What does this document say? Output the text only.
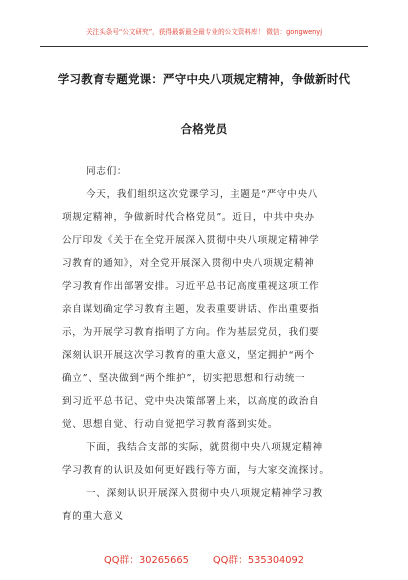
关注头条号“公文研究”，获得最新最全最专业的公文资料库！ 微信：gongwenyj
学习教育专题党课：严守中央八项规定精神，争做新时代
合格党员
同志们：
今天，我们组织这次党课学习，主题是“严守中央八
项规定精神，争做新时代合格党员”。近日，中共中央办
公厅印发《关于在全党开展深入贯彻中央八项规定精神学
习教育的通知》，对全党开展深入贯彻中央八项规定精神
学习教育作出部署安排。习近平总书记高度重视这项工作
亲自谋划确定学习教育主题，发表重要讲话、作出重要指
示，为开展学习教育指明了方向。作为基层党员，我们要
深刻认识开展这次学习教育的重大意义，坚定拥护“两个
确立”、坚决做到“两个维护”，切实把思想和行动统一
到习近平总书记、党中央决策部署上来，以高度的政治自
觉、思想自觉、行动自觉把学习教育落到实处。
下面，我结合支部的实际，就贯彻中央八项规定精神
学习教育的认识及如何更好践行等方面，与大家交流探讨。
一、深刻认识开展深入贯彻中央八项规定精神学习教
育的重大意义
QQ群：30265665 QQ群：535304092
